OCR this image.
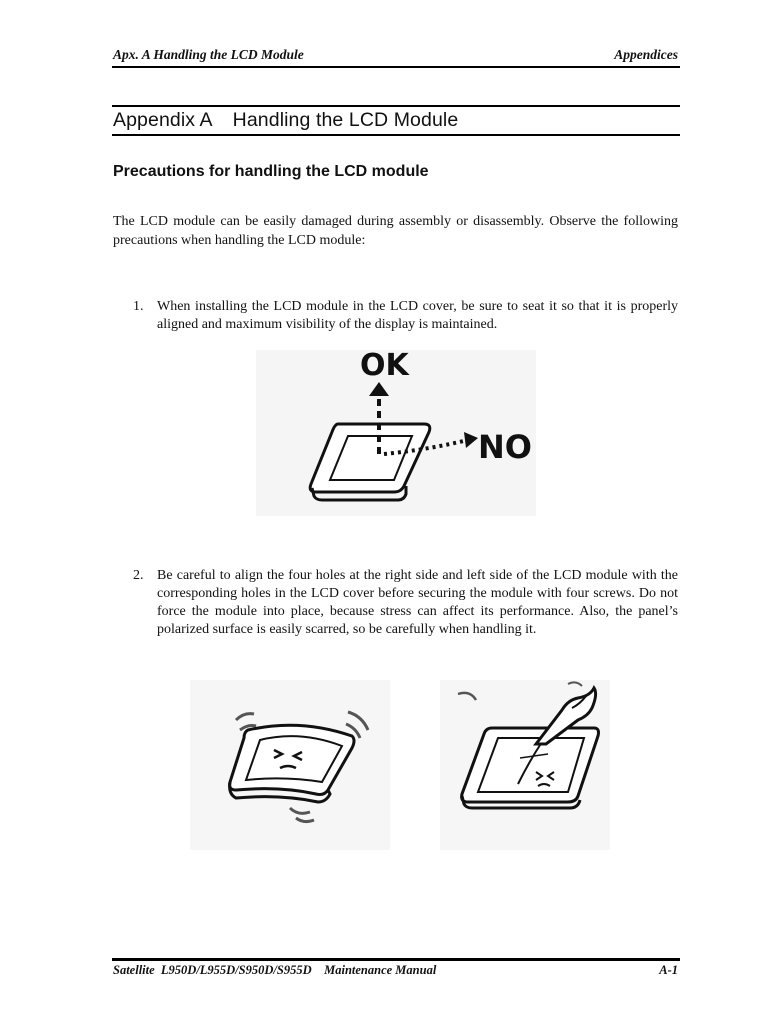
Apx. A Handling the LCD Module	Appendices
Appendix A Handling the LCD Module
Precautions for handling the LCD module
The LCD module can be easily damaged during assembly or disassembly. Observe the following precautions when handling the LCD module:
1. When installing the LCD module in the LCD cover, be sure to seat it so that it is properly aligned and maximum visibility of the display is maintained.
OK
NO
2. Be careful to align the four holes at the right side and left side of the LCD module with the corresponding holes in the LCD cover before securing the module with four screws. Do not force the module into place, because stress can affect its performance. Also, the panel’s polarized surface is easily scarred, so be carefully when handling it.
Satellite  L950D/L955D/S950D/S955D    Maintenance Manual	A-1
